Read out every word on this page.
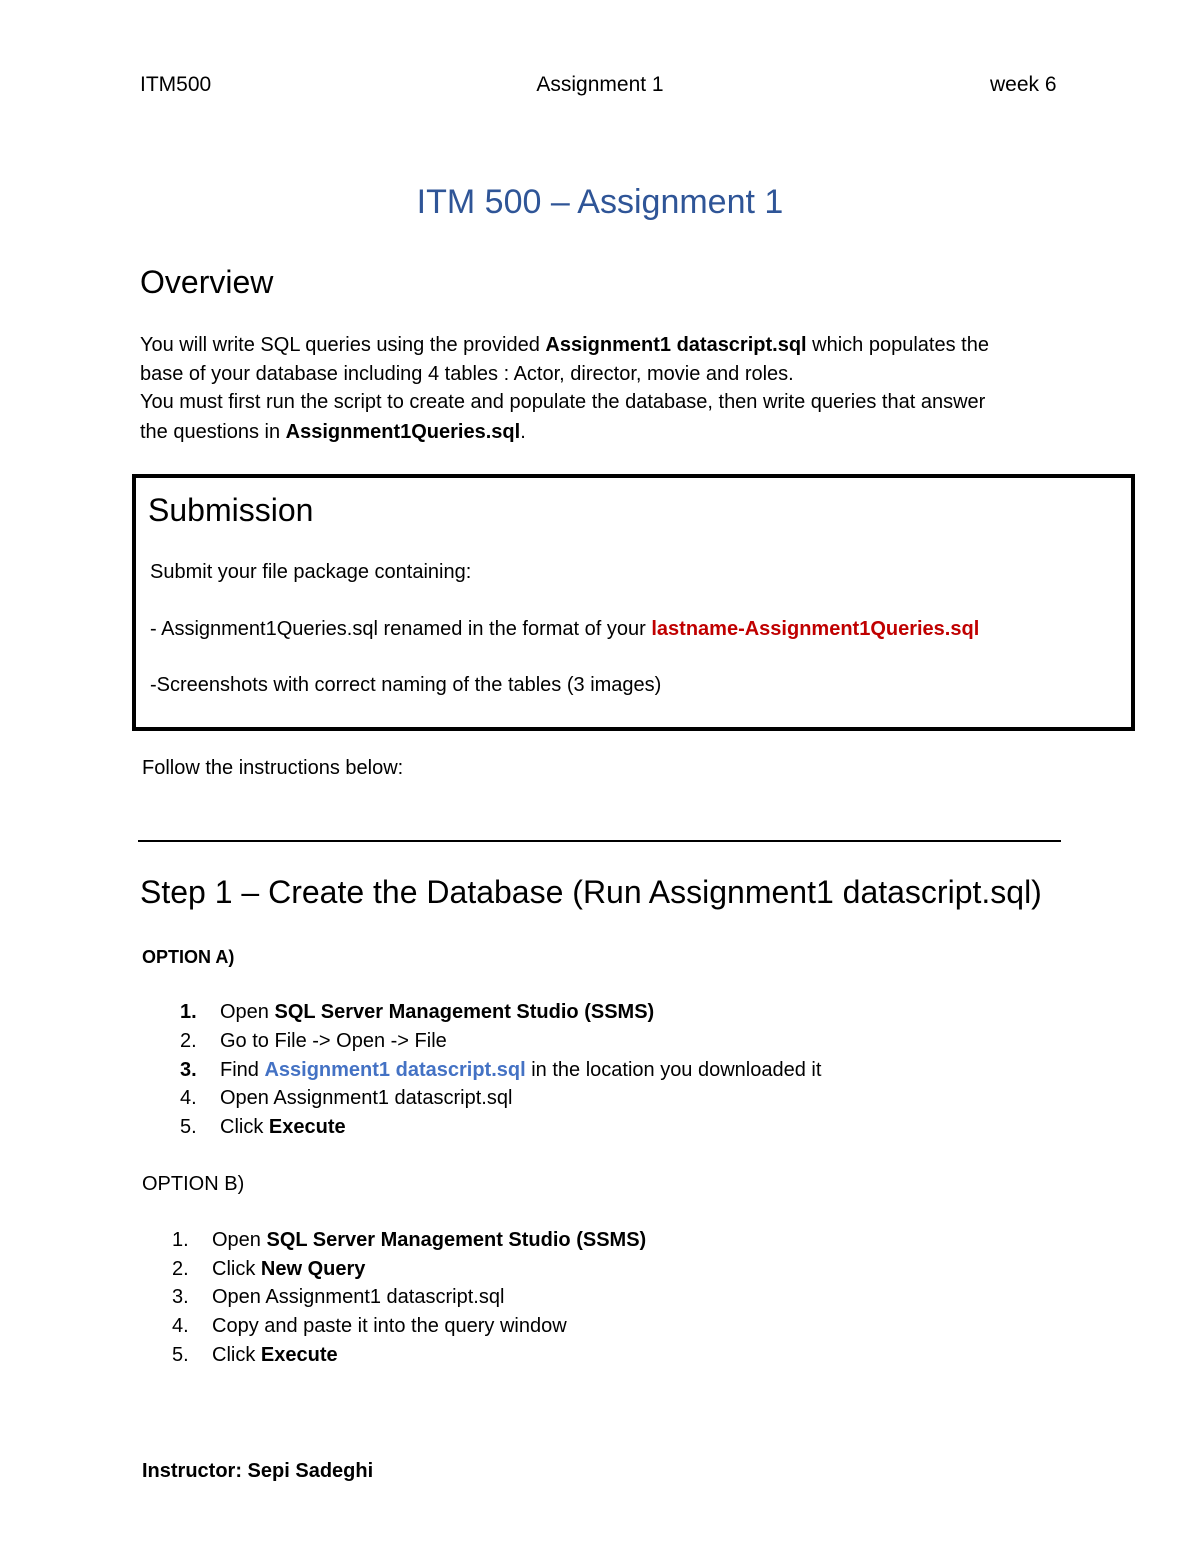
ITM500	Assignment 1	week 6
ITM 500 – Assignment 1
Overview
You will write SQL queries using the provided Assignment1 datascript.sql which populates the
base of your database including 4 tables : Actor, director, movie and roles.
You must first run the script to create and populate the database, then write queries that answer
the questions in Assignment1Queries.sql.
Submission
Submit your file package containing:
- Assignment1Queries.sql renamed in the format of your lastname-Assignment1Queries.sql
-Screenshots with correct naming of the tables (3 images)
Follow the instructions below:
Step 1 – Create the Database (Run Assignment1 datascript.sql)
OPTION A)
1. Open SQL Server Management Studio (SSMS)
2. Go to File -> Open -> File
3. Find Assignment1 datascript.sql in the location you downloaded it
4. Open Assignment1 datascript.sql
5. Click Execute
OPTION B)
1. Open SQL Server Management Studio (SSMS)
2. Click New Query
3. Open Assignment1 datascript.sql
4. Copy and paste it into the query window
5. Click Execute
Instructor: Sepi Sadeghi
